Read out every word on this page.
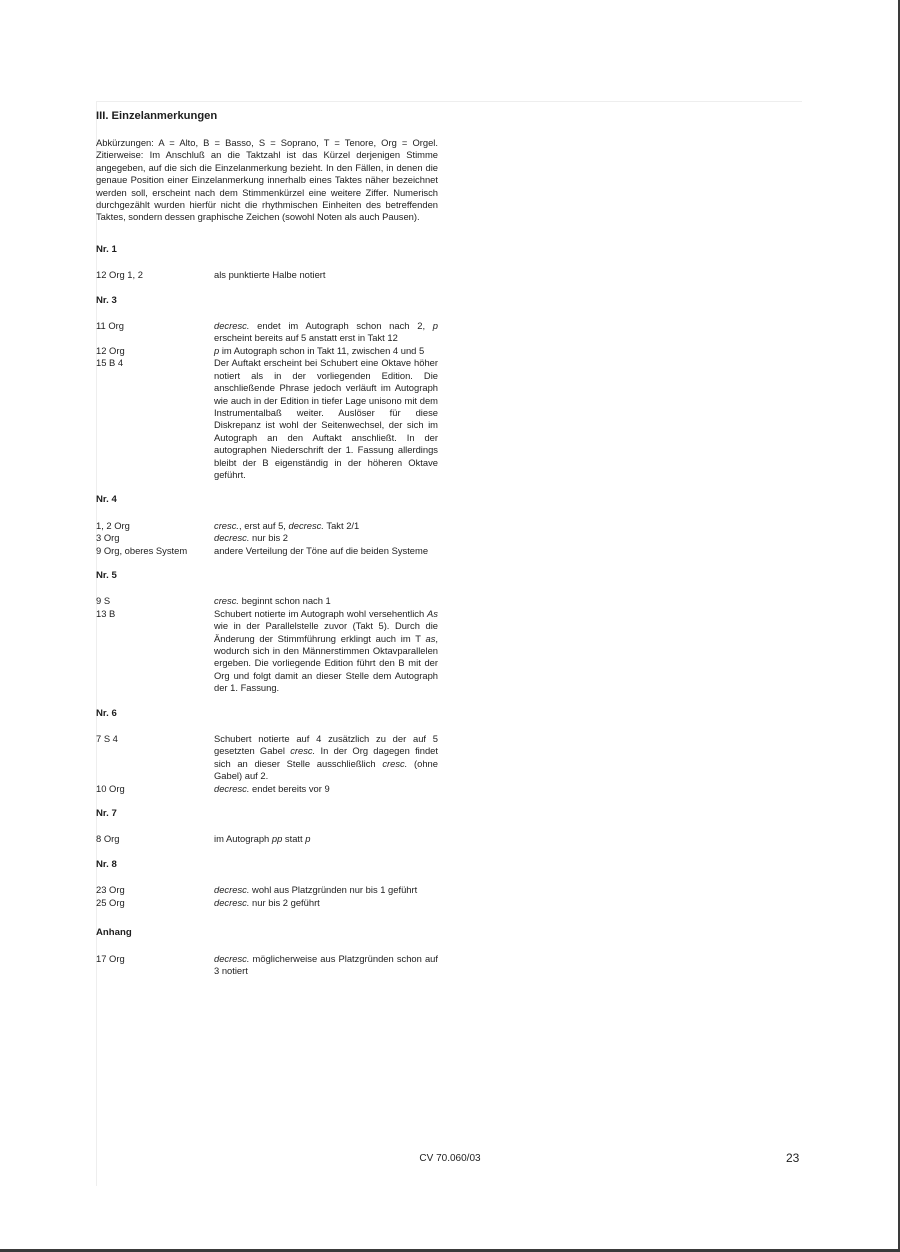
III. Einzelanmerkungen
Abkürzungen: A = Alto, B = Basso, S = Soprano, T = Tenore, Org = Orgel. Zitierweise: Im Anschluß an die Taktzahl ist das Kürzel derjenigen Stimme angegeben, auf die sich die Einzelanmerkung bezieht. In den Fällen, in denen die genaue Position einer Einzelanmerkung innerhalb eines Taktes näher bezeichnet werden soll, erscheint nach dem Stimmenkürzel eine weitere Ziffer. Numerisch durchgezählt wurden hierfür nicht die rhythmischen Einheiten des betreffenden Taktes, sondern dessen graphische Zeichen (sowohl Noten als auch Pausen).
Nr. 1
12 Org 1, 2	als punktierte Halbe notiert
Nr. 3
11 Org	decresc. endet im Autograph schon nach 2, p erscheint bereits auf 5 anstatt erst in Takt 12
12 Org	p im Autograph schon in Takt 11, zwischen 4 und 5
15 B 4	Der Auftakt erscheint bei Schubert eine Oktave höher notiert als in der vorliegenden Edition. Die anschließende Phrase jedoch verläuft im Autograph wie auch in der Edition in tiefer Lage unisono mit dem Instrumentalbaß weiter. Auslöser für diese Diskrepanz ist wohl der Seitenwechsel, der sich im Autograph an den Auftakt anschließt. In der autographen Niederschrift der 1. Fassung allerdings bleibt der B eigenständig in der höheren Oktave geführt.
Nr. 4
1, 2 Org	cresc., erst auf 5, decresc. Takt 2/1
3 Org	decresc. nur bis 2
9 Org, oberes System	andere Verteilung der Töne auf die beiden Systeme
Nr. 5
9 S	cresc. beginnt schon nach 1
13 B	Schubert notierte im Autograph wohl versehentlich As wie in der Parallelstelle zuvor (Takt 5). Durch die Änderung der Stimmführung erklingt auch im T as, wodurch sich in den Männerstimmen Oktavparallelen ergeben. Die vorliegende Edition führt den B mit der Org und folgt damit an dieser Stelle dem Autograph der 1. Fassung.
Nr. 6
7 S 4	Schubert notierte auf 4 zusätzlich zu der auf 5 gesetzten Gabel cresc. In der Org dagegen findet sich an dieser Stelle ausschließlich cresc. (ohne Gabel) auf 2.
10 Org	decresc. endet bereits vor 9
Nr. 7
8 Org	im Autograph pp statt p
Nr. 8
23 Org	decresc. wohl aus Platzgründen nur bis 1 geführt
25 Org	decresc. nur bis 2 geführt
Anhang
17 Org	decresc. möglicherweise aus Platzgründen schon auf 3 notiert
CV 70.060/03	23
